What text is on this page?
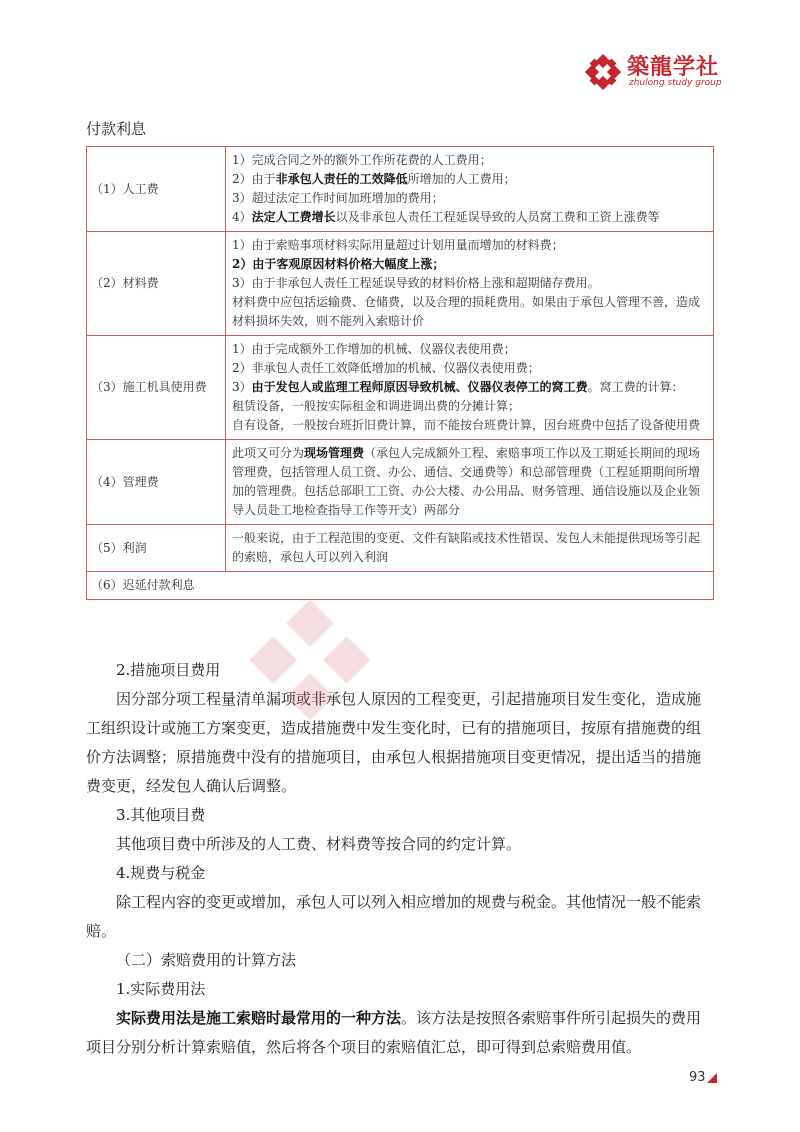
築龍学社
zhulong study group
付款利息
（1）人工费	1）完成合同之外的额外工作所花费的人工费用；
2）由于非承包人责任的工效降低所增加的人工费用；
3）超过法定工作时间加班增加的费用；
4）法定人工费增长以及非承包人责任工程延误导致的人员窝工费和工资上涨费等

（2）材料费	1）由于索赔事项材料实际用量超过计划用量而增加的材料费；
2）由于客观原因材料价格大幅度上涨；
3）由于非承包人责任工程延误导致的材料价格上涨和超期储存费用。
材料费中应包括运输费、仓储费，以及合理的损耗费用。如果由于承包人管理不善，造成材料损坏失效，则不能列入索赔计价

（3）施工机具使用费	1）由于完成额外工作增加的机械、仪器仪表使用费；
2）非承包人责任工效降低增加的机械、仪器仪表使用费；
3）由于发包人或监理工程师原因导致机械、仪器仪表停工的窝工费。窝工费的计算：
租赁设备，一般按实际租金和调进调出费的分摊计算；
自有设备，一般按台班折旧费计算，而不能按台班费计算，因台班费中包括了设备使用费

（4）管理费	此项又可分为现场管理费（承包人完成额外工程、索赔事项工作以及工期延长期间的现场管理费，包括管理人员工资、办公、通信、交通费等）和总部管理费（工程延期期间所增加的管理费。包括总部职工工资、办公大楼、办公用品、财务管理、通信设施以及企业领导人员赴工地检查指导工作等开支）两部分

（5）利润	一般来说，由于工程范围的变更、文件有缺陷或技术性错误、发包人未能提供现场等引起的索赔，承包人可以列入利润

（6）迟延付款利息	

2.措施项目费用

因分部分项工程量清单漏项或非承包人原因的工程变更，引起措施项目发生变化，造成施工组织设计或施工方案变更，造成措施费中发生变化时，已有的措施项目，按原有措施费的组价方法调整；原措施费中没有的措施项目，由承包人根据措施项目变更情况，提出适当的措施费变更，经发包人确认后调整。

3.其他项目费

其他项目费中所涉及的人工费、材料费等按合同的约定计算。

4.规费与税金

除工程内容的变更或增加，承包人可以列入相应增加的规费与税金。其他情况一般不能索赔。

（二）索赔费用的计算方法

1.实际费用法

实际费用法是施工索赔时最常用的一种方法。该方法是按照各索赔事件所引起损失的费用项目分别分析计算索赔值，然后将各个项目的索赔值汇总，即可得到总索赔费用值。

93
